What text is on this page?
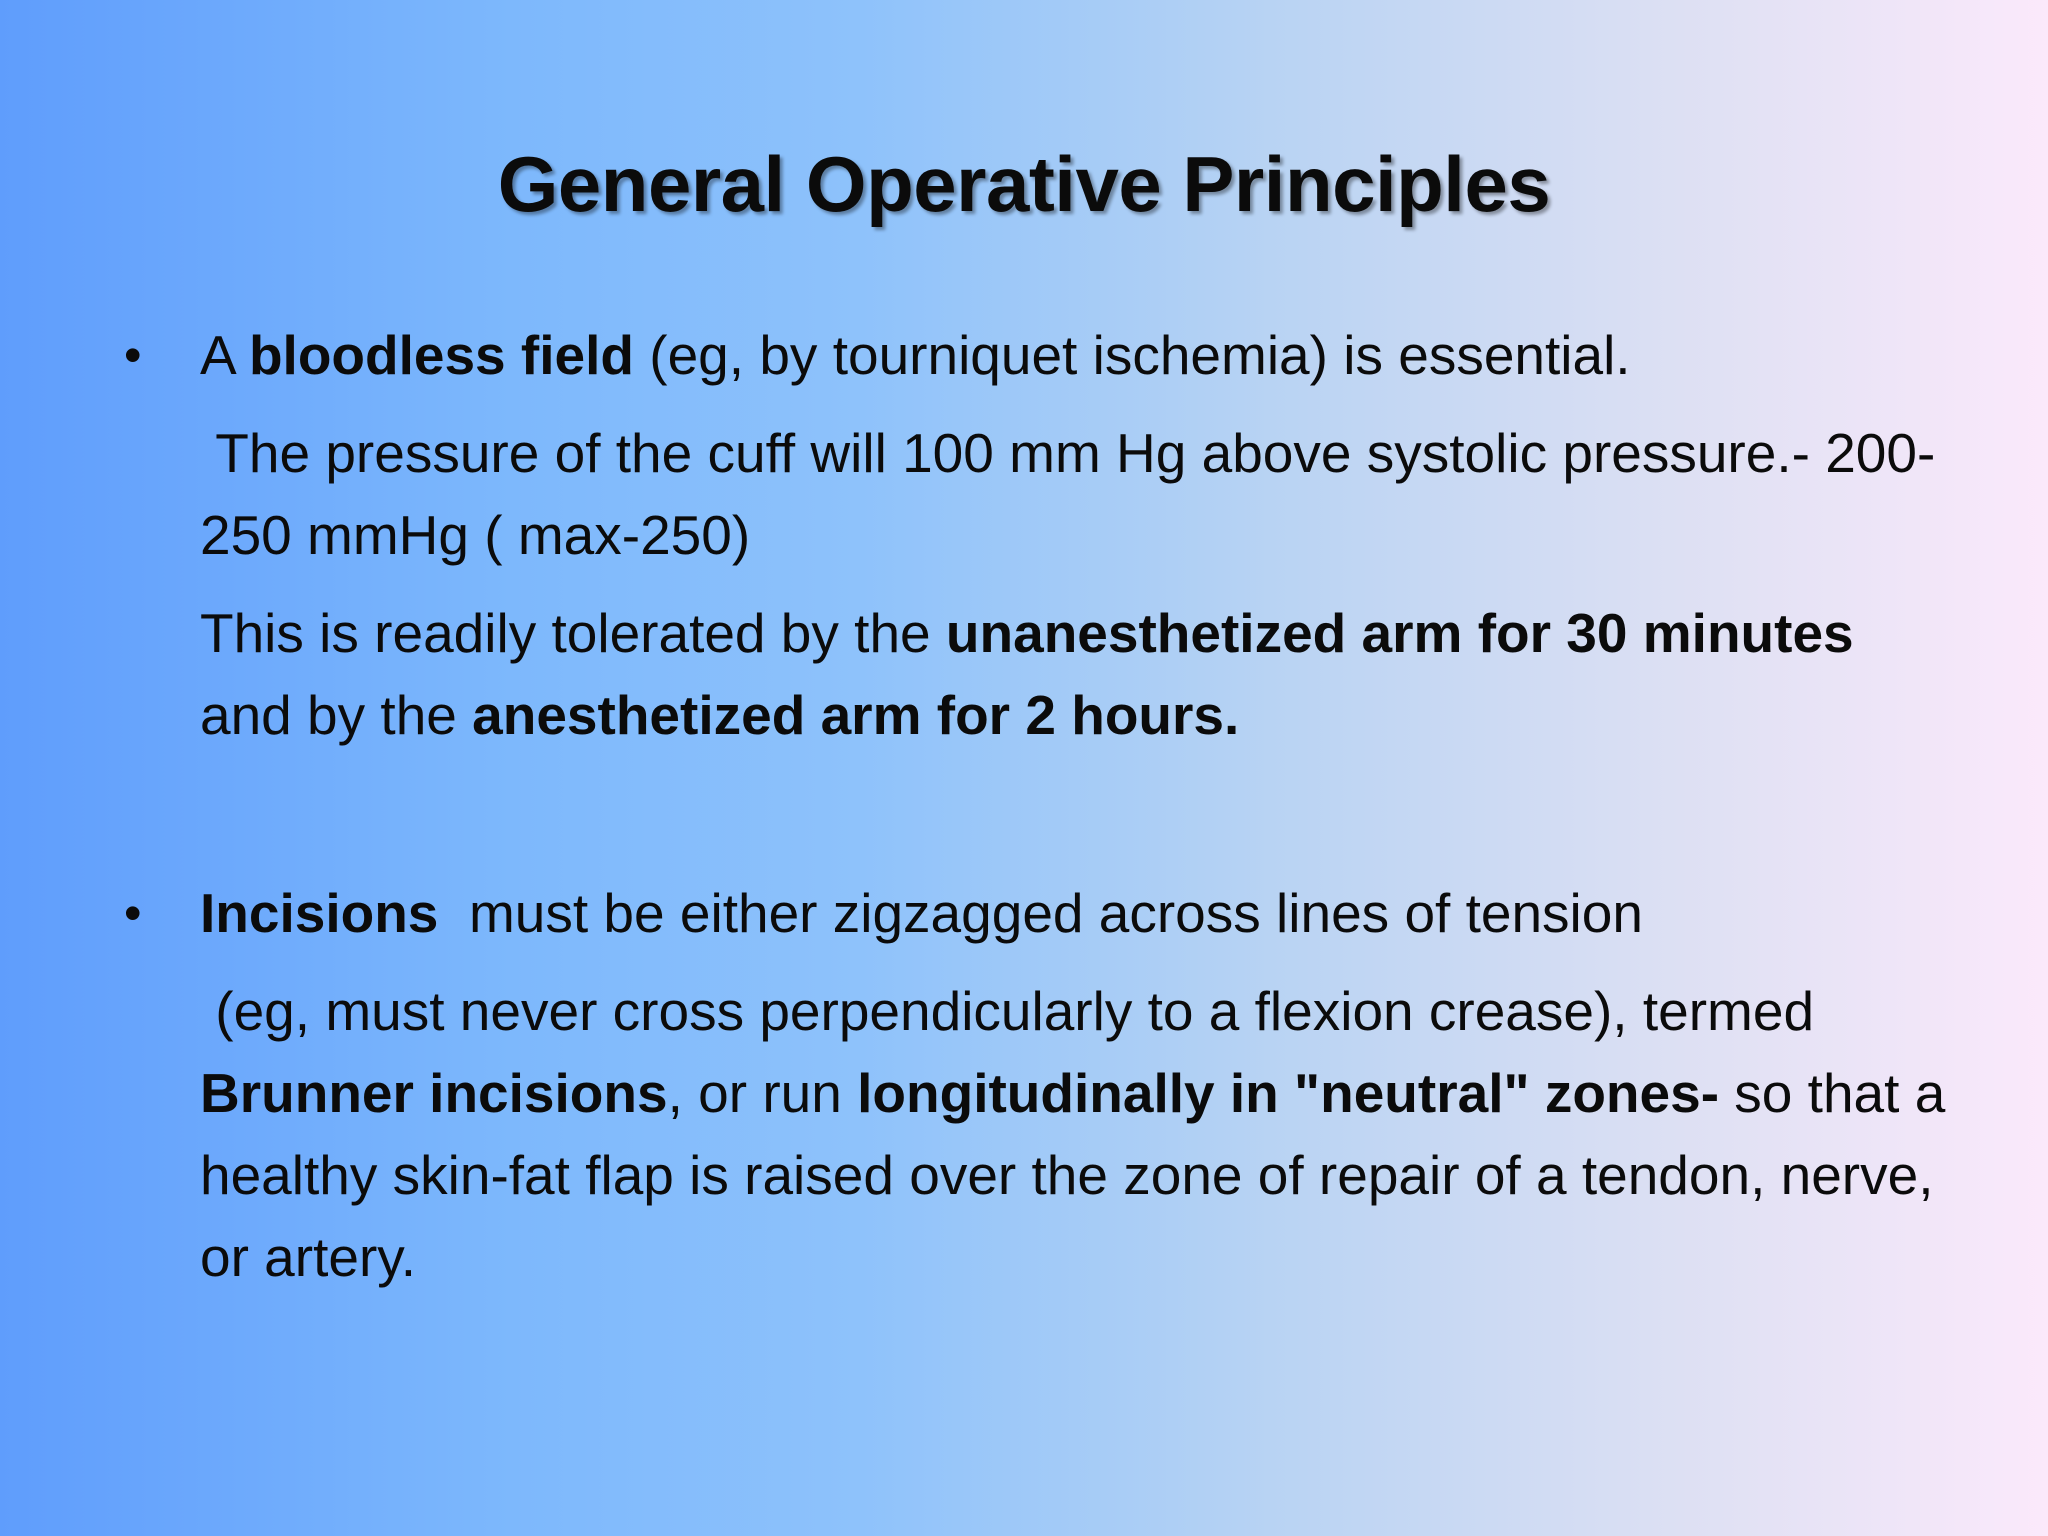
General Operative Principles
• A bloodless field (eg, by tourniquet ischemia) is essential.

The pressure of the cuff will 100 mm Hg above systolic pressure.- 200-250 mmHg ( max-250)

This is readily tolerated by the unanesthetized arm for 30 minutes and by the anesthetized arm for 2 hours.

• Incisions  must be either zigzagged across lines of tension

(eg, must never cross perpendicularly to a flexion crease), termed Brunner incisions, or run longitudinally in "neutral" zones- so that a healthy skin-fat flap is raised over the zone of repair of a tendon, nerve, or artery.
